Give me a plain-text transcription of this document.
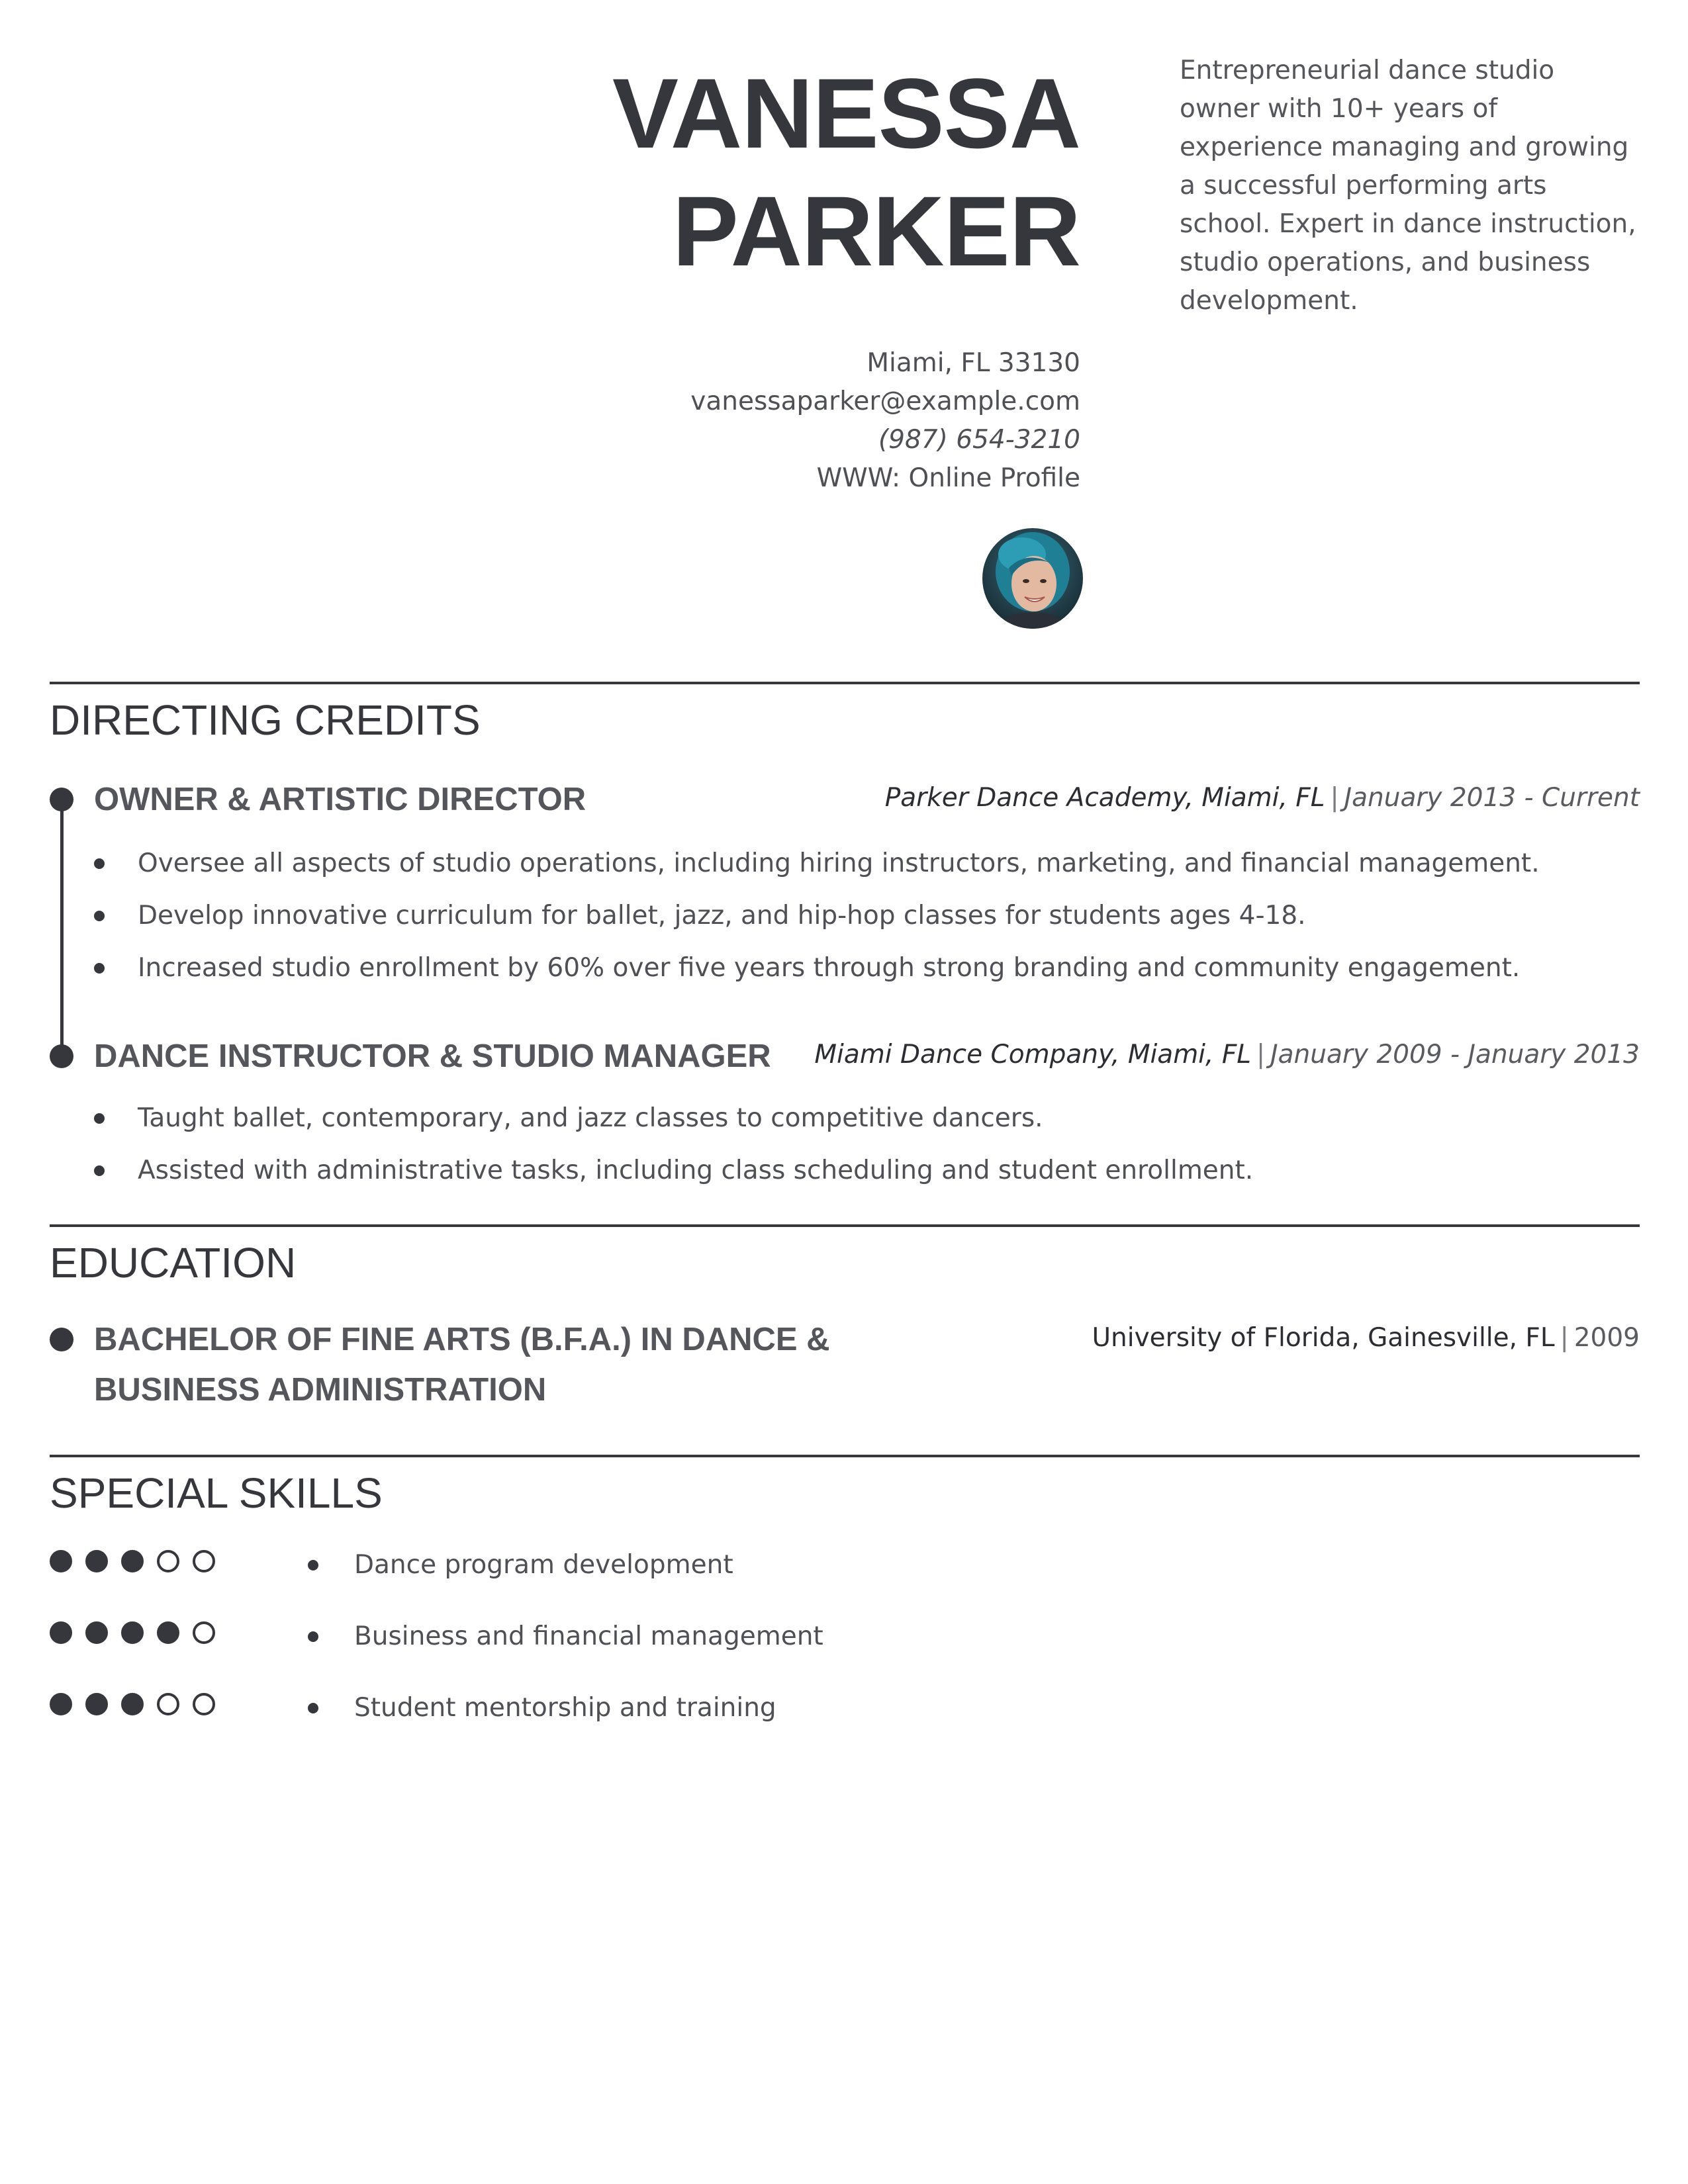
VANESSA
PARKER

Entrepreneurial dance studio owner with 10+ years of experience managing and growing a successful performing arts school. Expert in dance instruction, studio operations, and business development.

Miami, FL 33130
vanessaparker@example.com
(987) 654-3210
WWW: Online Profile
DIRECTING CREDITS
OWNER & ARTISTIC DIRECTOR	Parker Dance Academy, Miami, FL | January 2013 - Current
Oversee all aspects of studio operations, including hiring instructors, marketing, and financial management.
Develop innovative curriculum for ballet, jazz, and hip-hop classes for students ages 4-18.
Increased studio enrollment by 60% over five years through strong branding and community engagement.
DANCE INSTRUCTOR & STUDIO MANAGER Miami Dance Company, Miami, FL | January 2009 - January 2013
Taught ballet, contemporary, and jazz classes to competitive dancers.
Assisted with administrative tasks, including class scheduling and student enrollment.
EDUCATION
BACHELOR OF FINE ARTS (B.F.A.) IN DANCE &
BUSINESS ADMINISTRATION
University of Florida, Gainesville, FL | 2009
SPECIAL SKILLS
Dance program development
Business and financial management
Student mentorship and training
